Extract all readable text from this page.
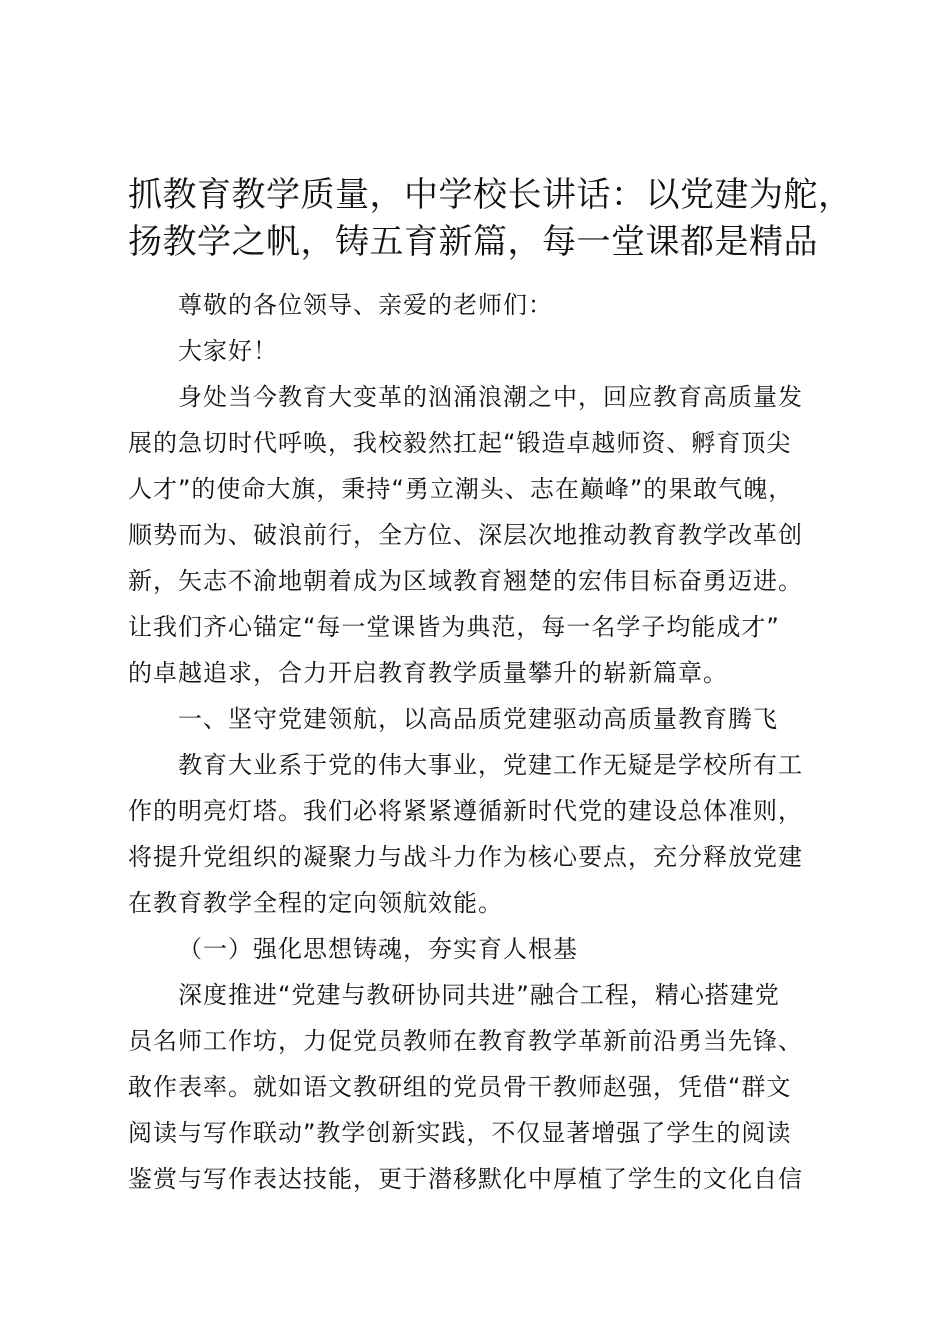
抓教育教学质量，中学校长讲话：以党建为舵，
扬教学之帆，铸五育新篇，每一堂课都是精品

尊敬的各位领导、亲爱的老师们：

大家好！

身处当今教育大变革的汹涌浪潮之中，回应教育高质量发
展的急切时代呼唤，我校毅然扛起“锻造卓越师资、孵育顶尖
人才”的使命大旗，秉持“勇立潮头、志在巅峰”的果敢气魄，
顺势而为、破浪前行，全方位、深层次地推动教育教学改革创
新，矢志不渝地朝着成为区域教育翘楚的宏伟目标奋勇迈进。
让我们齐心锚定“每一堂课皆为典范，每一名学子均能成才”
的卓越追求，合力开启教育教学质量攀升的崭新篇章。

一、坚守党建领航，以高品质党建驱动高质量教育腾飞

教育大业系于党的伟大事业，党建工作无疑是学校所有工
作的明亮灯塔。我们必将紧紧遵循新时代党的建设总体准则，
将提升党组织的凝聚力与战斗力作为核心要点，充分释放党建
在教育教学全程的定向领航效能。

（一）强化思想铸魂，夯实育人根基

深度推进“党建与教研协同共进”融合工程，精心搭建党
员名师工作坊，力促党员教师在教育教学革新前沿勇当先锋、
敢作表率。就如语文教研组的党员骨干教师赵强，凭借“群文
阅读与写作联动”教学创新实践，不仅显著增强了学生的阅读
鉴赏与写作表达技能，更于潜移默化中厚植了学生的文化自信
